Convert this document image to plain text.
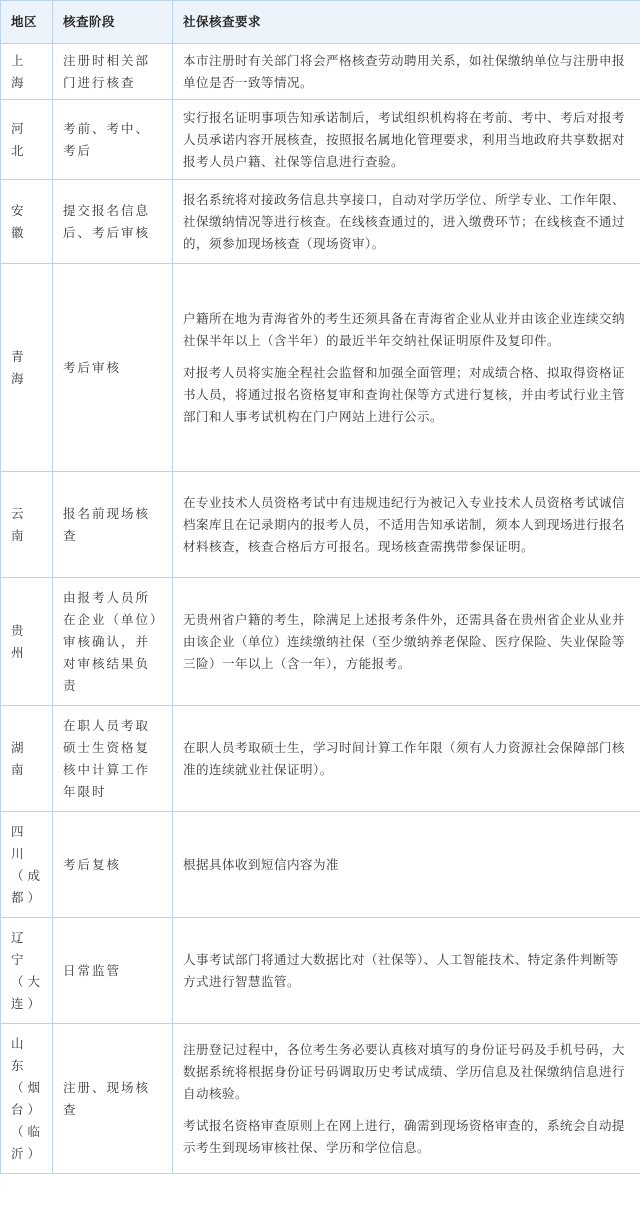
地区	核查阶段	社保核查要求
上海	注册时相关部门进行核查	本市注册时有关部门将会严格核查劳动聘用关系，如社保缴纳单位与注册申报单位是否一致等情况。

河北	考前、考中、考后	实行报名证明事项告知承诺制后，考试组织机构将在考前、考中、考后对报考人员承诺内容开展核查，按照报名属地化管理要求，利用当地政府共享数据对报考人员户籍、社保等信息进行查验。

安徽	提交报名信息后、考后审核	报名系统将对接政务信息共享接口，自动对学历学位、所学专业、工作年限、社保缴纳情况等进行核查。在线核查通过的，进入缴费环节；在线核查不通过的，须参加现场核查（现场资审）。

青海	考后审核	户籍所在地为青海省外的考生还须具备在青海省企业从业并由该企业连续交纳社保半年以上（含半年）的最近半年交纳社保证明原件及复印件。

对报考人员将实施全程社会监督和加强全面管理；对成绩合格、拟取得资格证书人员，将通过报名资格复审和查询社保等方式进行复核，并由考试行业主管部门和人事考试机构在门户网站上进行公示。

云南	报名前现场核查	在专业技术人员资格考试中有违规违纪行为被记入专业技术人员资格考试诚信档案库且在记录期内的报考人员，不适用告知承诺制，须本人到现场进行报名材料核查，核查合格后方可报名。现场核查需携带参保证明。

贵州	由报考人员所在企业（单位）审核确认，并对审核结果负责	无贵州省户籍的考生，除满足上述报考条件外，还需具备在贵州省企业从业并由该企业（单位）连续缴纳社保（至少缴纳养老保险、医疗保险、失业保险等三险）一年以上（含一年），方能报考。

湖南	在职人员考取硕士生资格复核中计算工作年限时	在职人员考取硕士生，学习时间计算工作年限（须有人力资源社会保障部门核准的连续就业社保证明）。

四川（成都）	考后复核	根据具体收到短信内容为准

辽宁（大连）	日常监管	人事考试部门将通过大数据比对（社保等）、人工智能技术、特定条件判断等方式进行智慧监管。

山东（烟台）（临沂）	注册、现场核查	注册登记过程中，各位考生务必要认真核对填写的身份证号码及手机号码，大数据系统将根据身份证号码调取历史考试成绩、学历信息及社保缴纳信息进行自动核验。

考试报名资格审查原则上在网上进行，确需到现场资格审查的，系统会自动提示考生到现场审核社保、学历和学位信息。
